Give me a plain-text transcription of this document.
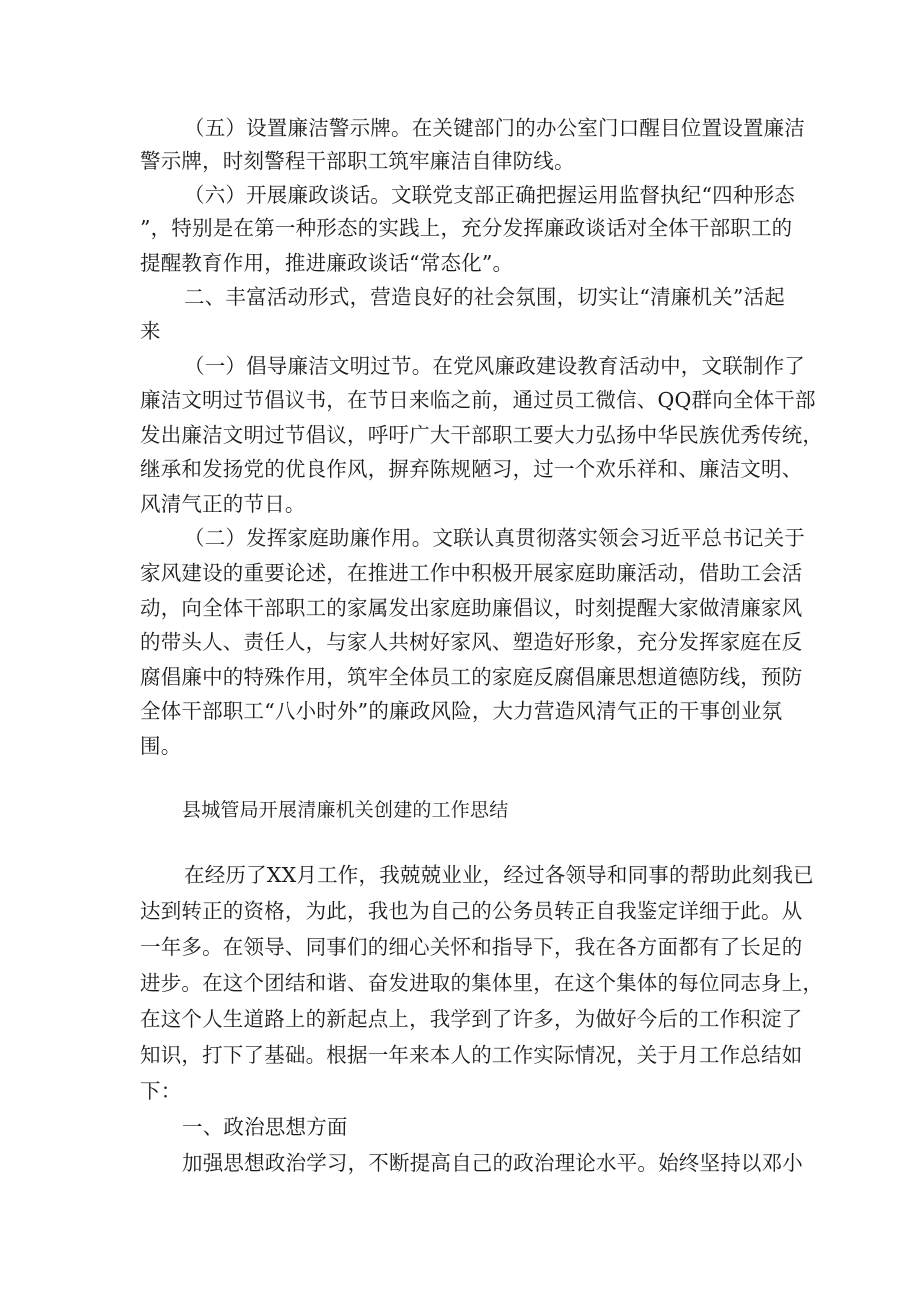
（五）设置廉洁警示牌。在关键部门的办公室门口醒目位置设置廉洁
警示牌，时刻警程干部职工筑牢廉洁自律防线。
（六）开展廉政谈话。文联党支部正确把握运用监督执纪“四种形态
”，特别是在第一种形态的实践上，充分发挥廉政谈话对全体干部职工的
提醒教育作用，推进廉政谈话“常态化”。
二、丰富活动形式，营造良好的社会氛围，切实让“清廉机关”活起
来
（一）倡导廉洁文明过节。在党风廉政建设教育活动中，文联制作了
廉洁文明过节倡议书，在节日来临之前，通过员工微信、QQ群向全体干部
发出廉洁文明过节倡议，呼吁广大干部职工要大力弘扬中华民族优秀传统，
继承和发扬党的优良作风，摒弃陈规陋习，过一个欢乐祥和、廉洁文明、
风清气正的节日。
（二）发挥家庭助廉作用。文联认真贯彻落实领会习近平总书记关于
家风建设的重要论述，在推进工作中积极开展家庭助廉活动，借助工会活
动，向全体干部职工的家属发出家庭助廉倡议，时刻提醒大家做清廉家风
的带头人、责任人，与家人共树好家风、塑造好形象，充分发挥家庭在反
腐倡廉中的特殊作用，筑牢全体员工的家庭反腐倡廉思想道德防线，预防
全体干部职工“八小时外”的廉政风险，大力营造风清气正的干事创业氛
围。
县城管局开展清廉机关创建的工作思结
在经历了XX月工作，我兢兢业业，经过各领导和同事的帮助此刻我已
达到转正的资格，为此，我也为自己的公务员转正自我鉴定详细于此。从
一年多。在领导、同事们的细心关怀和指导下，我在各方面都有了长足的
进步。在这个团结和谐、奋发进取的集体里，在这个集体的每位同志身上，
在这个人生道路上的新起点上，我学到了许多，为做好今后的工作积淀了
知识，打下了基础。根据一年来本人的工作实际情况，关于月工作总结如
下：
一、政治思想方面
加强思想政治学习，不断提高自己的政治理论水平。始终坚持以邓小
